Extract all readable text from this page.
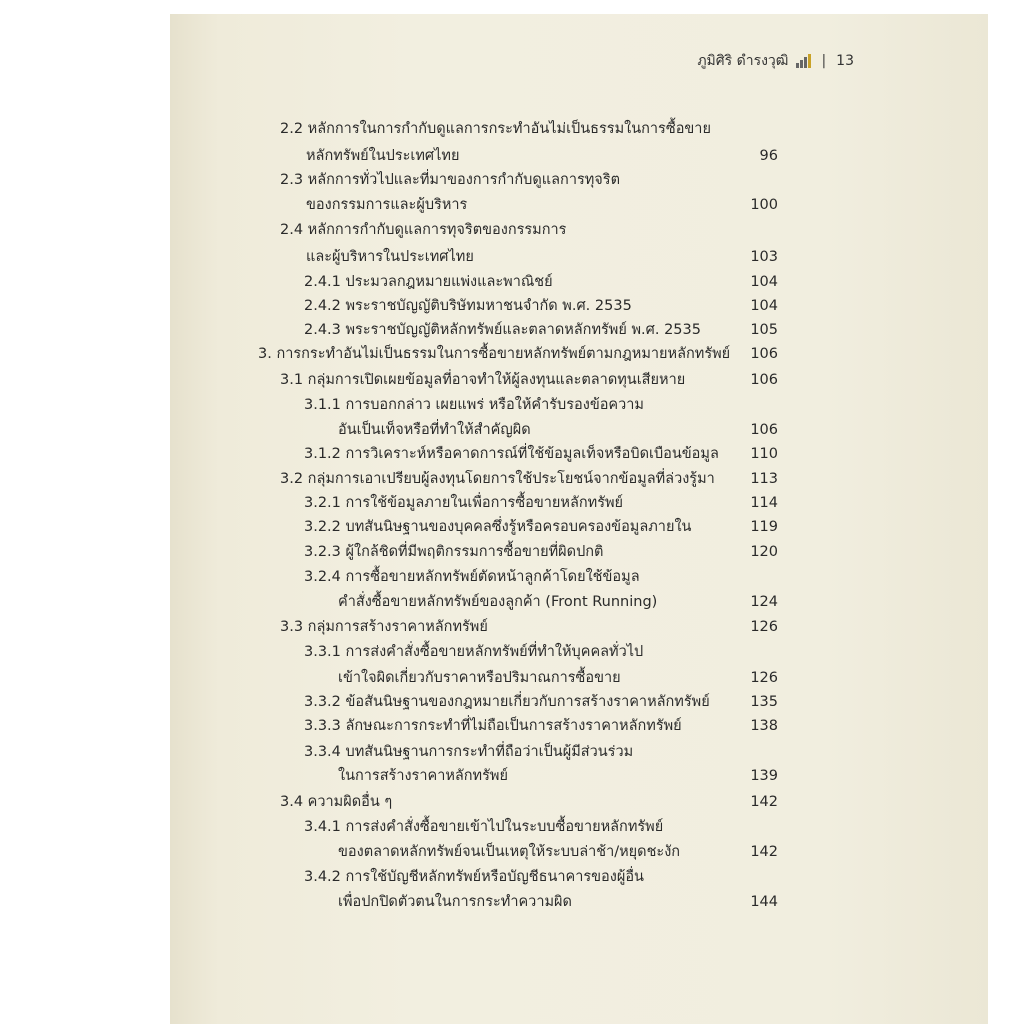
ภูมิศิริ ดำรงวุฒิ | 13
2.2 หลักการในการกำกับดูแลการกระทำอันไม่เป็นธรรมในการซื้อขาย
หลักทรัพย์ในประเทศไทย	96
2.3 หลักการทั่วไปและที่มาของการกำกับดูแลการทุจริต
ของกรรมการและผู้บริหาร	100
2.4 หลักการกำกับดูแลการทุจริตของกรรมการ
และผู้บริหารในประเทศไทย	103
2.4.1 ประมวลกฎหมายแพ่งและพาณิชย์	104
2.4.2 พระราชบัญญัติบริษัทมหาชนจำกัด พ.ศ. 2535	104
2.4.3 พระราชบัญญัติหลักทรัพย์และตลาดหลักทรัพย์ พ.ศ. 2535	105
3. การกระทำอันไม่เป็นธรรมในการซื้อขายหลักทรัพย์ตามกฎหมายหลักทรัพย์ 106
3.1 กลุ่มการเปิดเผยข้อมูลที่อาจทำให้ผู้ลงทุนและตลาดทุนเสียหาย	106
3.1.1 การบอกกล่าว เผยแพร่ หรือให้คำรับรองข้อความ
อันเป็นเท็จหรือที่ทำให้สำคัญผิด	106
3.1.2 การวิเคราะห์หรือคาดการณ์ที่ใช้ข้อมูลเท็จหรือบิดเบือนข้อมูล 110
3.2 กลุ่มการเอาเปรียบผู้ลงทุนโดยการใช้ประโยชน์จากข้อมูลที่ล่วงรู้มา 113
3.2.1 การใช้ข้อมูลภายในเพื่อการซื้อขายหลักทรัพย์	114
3.2.2 บทสันนิษฐานของบุคคลซึ่งรู้หรือครอบครองข้อมูลภายใน	119
3.2.3 ผู้ใกล้ชิดที่มีพฤติกรรมการซื้อขายที่ผิดปกติ	120
3.2.4 การซื้อขายหลักทรัพย์ตัดหน้าลูกค้าโดยใช้ข้อมูล
คำสั่งซื้อขายหลักทรัพย์ของลูกค้า (Front Running)	124
3.3 กลุ่มการสร้างราคาหลักทรัพย์	126
3.3.1 การส่งคำสั่งซื้อขายหลักทรัพย์ที่ทำให้บุคคลทั่วไป
เข้าใจผิดเกี่ยวกับราคาหรือปริมาณการซื้อขาย	126
3.3.2 ข้อสันนิษฐานของกฎหมายเกี่ยวกับการสร้างราคาหลักทรัพย์	135
3.3.3 ลักษณะการกระทำที่ไม่ถือเป็นการสร้างราคาหลักทรัพย์	138
3.3.4 บทสันนิษฐานการกระทำที่ถือว่าเป็นผู้มีส่วนร่วม
ในการสร้างราคาหลักทรัพย์	139
3.4 ความผิดอื่น ๆ	142
3.4.1 การส่งคำสั่งซื้อขายเข้าไปในระบบซื้อขายหลักทรัพย์
ของตลาดหลักทรัพย์จนเป็นเหตุให้ระบบล่าช้า/หยุดชะงัก	142
3.4.2 การใช้บัญชีหลักทรัพย์หรือบัญชีธนาคารของผู้อื่น
เพื่อปกปิดตัวตนในการกระทำความผิด	144
